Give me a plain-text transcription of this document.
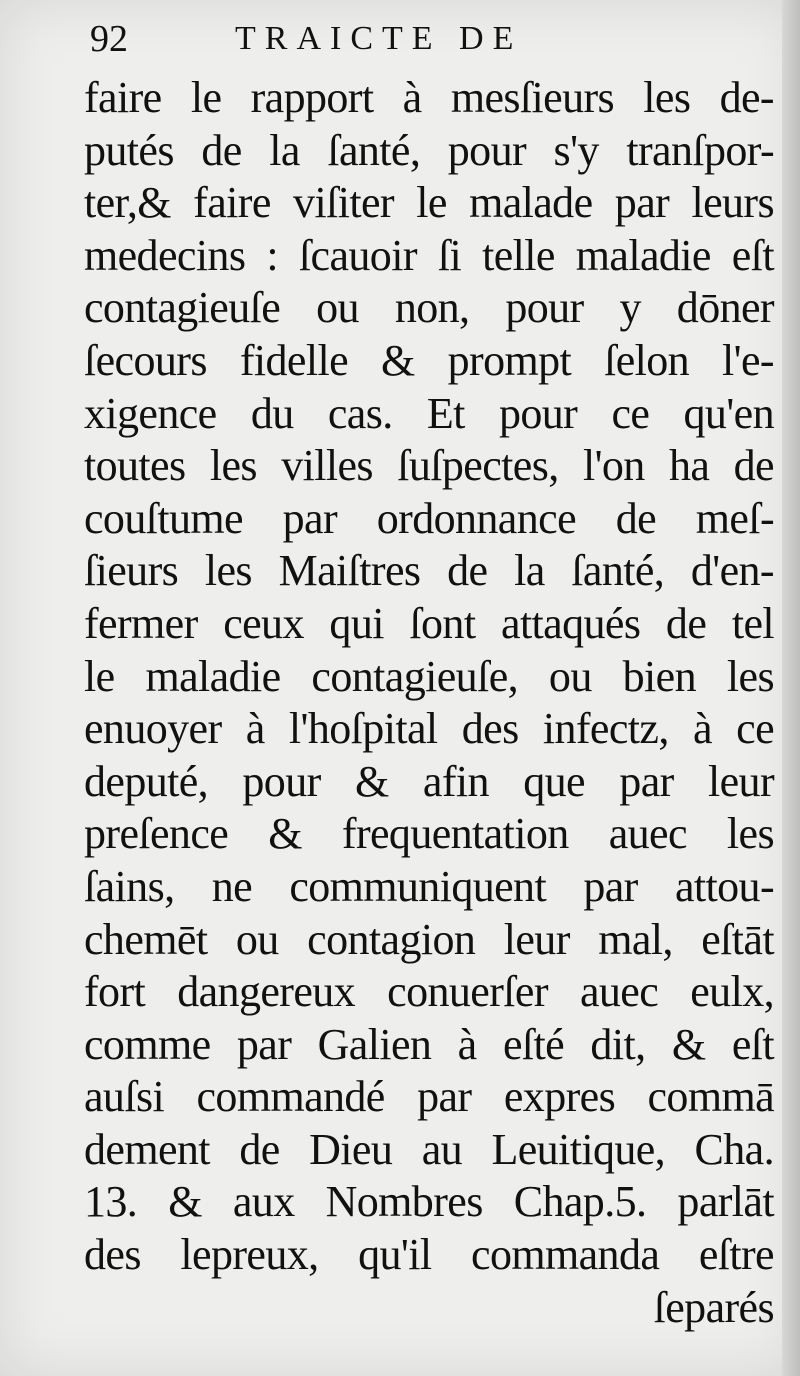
92	TRAICTE DE
faire le rapport à mesſieurs les de-
putés de la ſanté, pour s'y tranſpor-
ter,& faire viſiter le malade par leurs
medecins : ſcauoir ſi telle maladie eſt
contagieuſe ou non, pour y dōner
ſecours fidelle & prompt ſelon l'e-
xigence du cas. Et pour ce qu'en
toutes les villes ſuſpectes, l'on ha de
couſtume par ordonnance de meſ-
ſieurs les Maiſtres de la ſanté, d'en-
fermer ceux qui ſont attaqués de tel
le maladie contagieuſe, ou bien les
enuoyer à l'hoſpital des infectz, à ce
deputé, pour & afin que par leur
preſence & frequentation auec les
ſains, ne communiquent par attou-
chemēt ou contagion leur mal, eſtāt
fort dangereux conuerſer auec eulx,
comme par Galien à eſté dit, & eſt
auſsi commandé par expres commā
dement de Dieu au Leuitique, Cha.
13. & aux Nombres Chap.5. parlāt
des lepreux, qu'il commanda eſtre
ſeparés
